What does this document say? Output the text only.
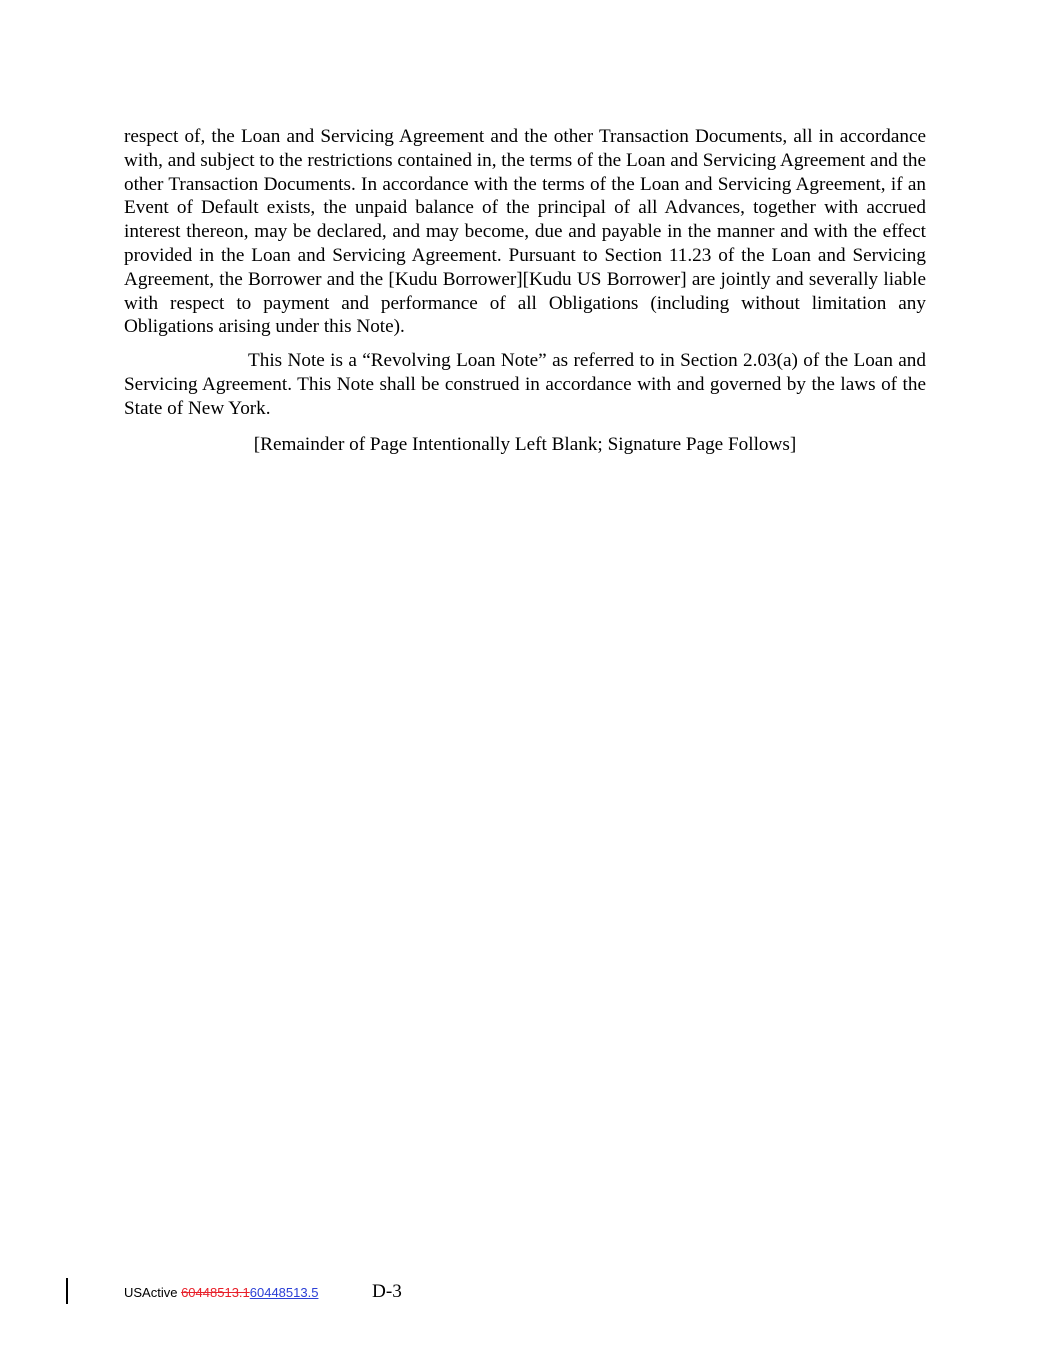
respect of, the Loan and Servicing Agreement and the other Transaction Documents, all in accordance with, and subject to the restrictions contained in, the terms of the Loan and Servicing Agreement and the other Transaction Documents. In accordance with the terms of the Loan and Servicing Agreement, if an Event of Default exists, the unpaid balance of the principal of all Advances, together with accrued interest thereon, may be declared, and may become, due and payable in the manner and with the effect provided in the Loan and Servicing Agreement. Pursuant to Section 11.23 of the Loan and Servicing Agreement, the Borrower and the [Kudu Borrower][Kudu US Borrower] are jointly and severally liable with respect to payment and performance of all Obligations (including without limitation any Obligations arising under this Note).

This Note is a “Revolving Loan Note” as referred to in Section 2.03(a) of the Loan and Servicing Agreement. This Note shall be construed in accordance with and governed by the laws of the State of New York.

[Remainder of Page Intentionally Left Blank; Signature Page Follows]

USActive 60448513.160448513.5	D-3
